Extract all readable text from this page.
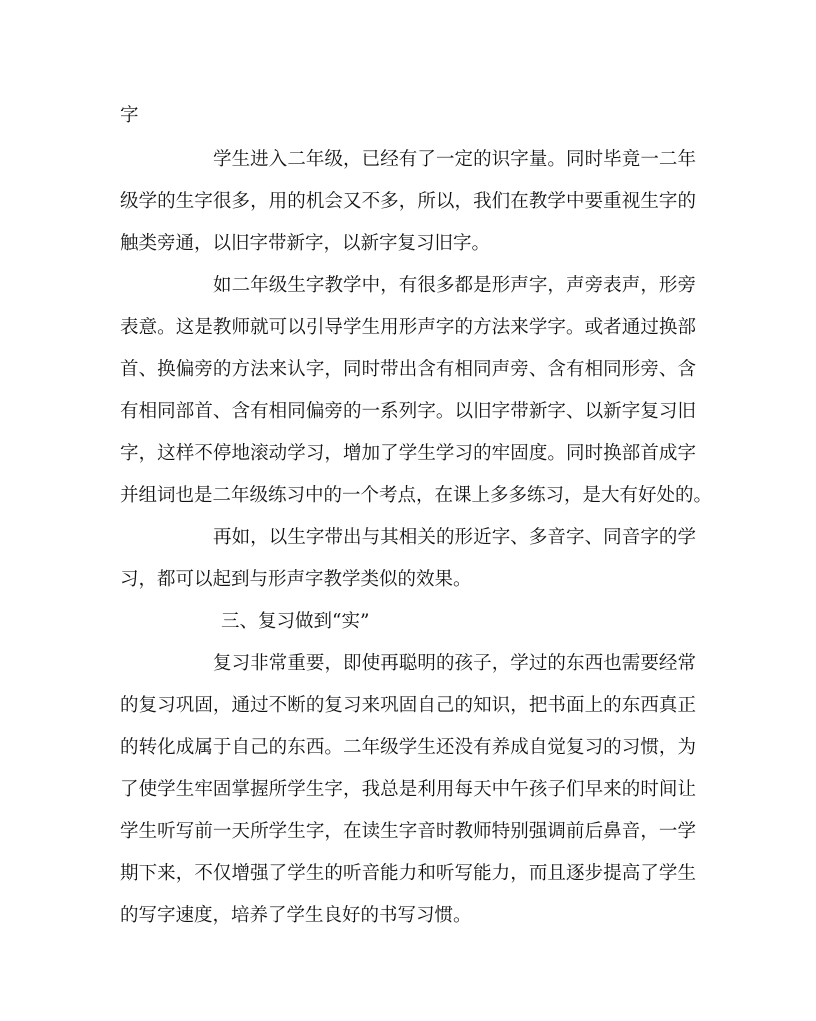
字
学生进入二年级，已经有了一定的识字量。同时毕竟一二年
级学的生字很多，用的机会又不多，所以，我们在教学中要重视生字的
触类旁通，以旧字带新字，以新字复习旧字。
如二年级生字教学中，有很多都是形声字，声旁表声，形旁
表意。这是教师就可以引导学生用形声字的方法来学字。或者通过换部
首、换偏旁的方法来认字，同时带出含有相同声旁、含有相同形旁、含
有相同部首、含有相同偏旁的一系列字。以旧字带新字、以新字复习旧
字，这样不停地滚动学习，增加了学生学习的牢固度。同时换部首成字
并组词也是二年级练习中的一个考点，在课上多多练习，是大有好处的。
再如，以生字带出与其相关的形近字、多音字、同音字的学
习，都可以起到与形声字教学类似的效果。
三、复习做到“实”
复习非常重要，即使再聪明的孩子，学过的东西也需要经常
的复习巩固，通过不断的复习来巩固自己的知识，把书面上的东西真正
的转化成属于自己的东西。二年级学生还没有养成自觉复习的习惯，为
了使学生牢固掌握所学生字，我总是利用每天中午孩子们早来的时间让
学生听写前一天所学生字，在读生字音时教师特别强调前后鼻音，一学
期下来，不仅增强了学生的听音能力和听写能力，而且逐步提高了学生
的写字速度，培养了学生良好的书写习惯。
